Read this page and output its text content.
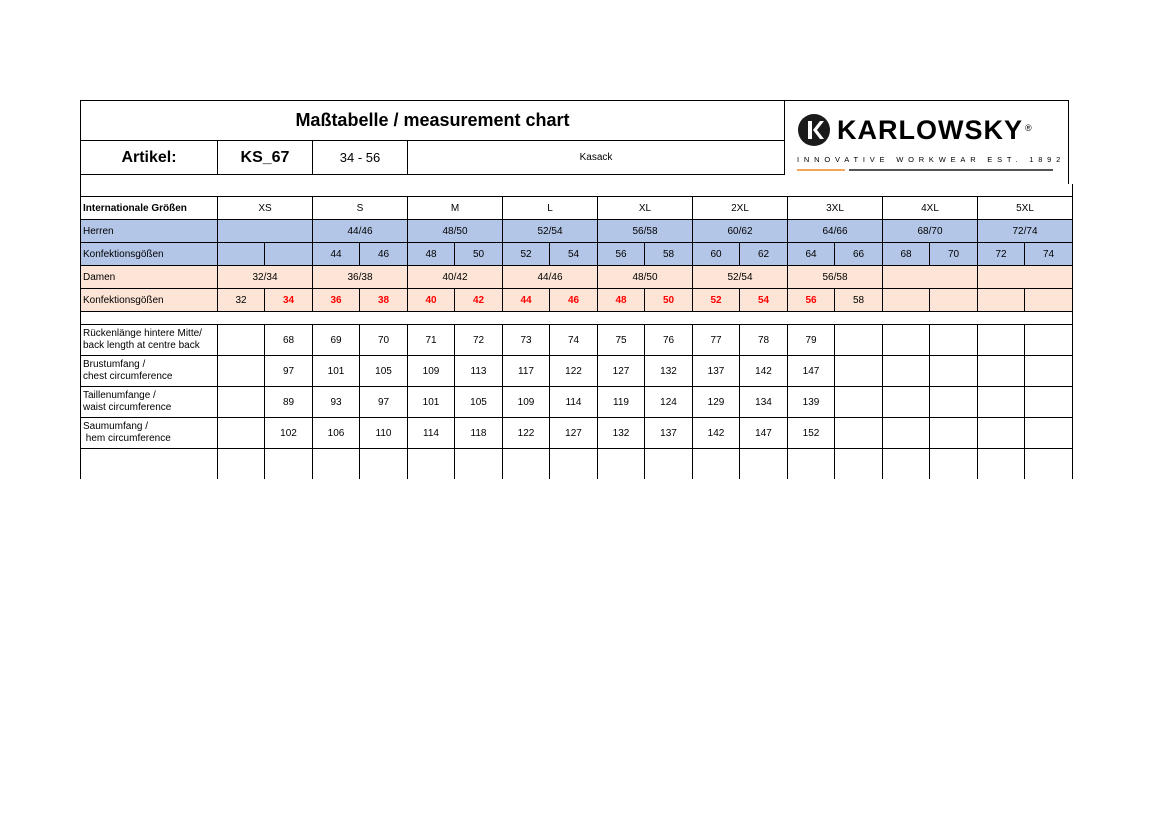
Maßtabelle / measurement chart
Artikel:	KS_67	34 - 56	Kasack
KARLOWSKY ®
INNOVATIVE WORKWEAR EST. 1892

Internationale Größen	XS		S		M		L		XL		2XL		3XL		4XL		5XL	
Herren			44/46		48/50		52/54		56/58		60/62		64/66		68/70		72/74	
Konfektionsgößen			44	46	48	50	52	54	56	58	60	62	64	66	68	70	72	74
Damen	32/34		36/38		40/42		44/46		48/50		52/54		56/58					
Konfektionsgößen	32	34	36	38	40	42	44	46	48	50	52	54	56	58				

Rückenlänge hintere Mitte/
back length at centre back		68	69	70	71	72	73	74	75	76	77	78	79					

Brustumfang /
chest circumference		97	101	105	109	113	117	122	127	132	137	142	147					

Taillenumfange /
waist circumference		89	93	97	101	105	109	114	119	124	129	134	139					

Saumumfang /
hem circumference		102	106	110	114	118	122	127	132	137	142	147	152					
